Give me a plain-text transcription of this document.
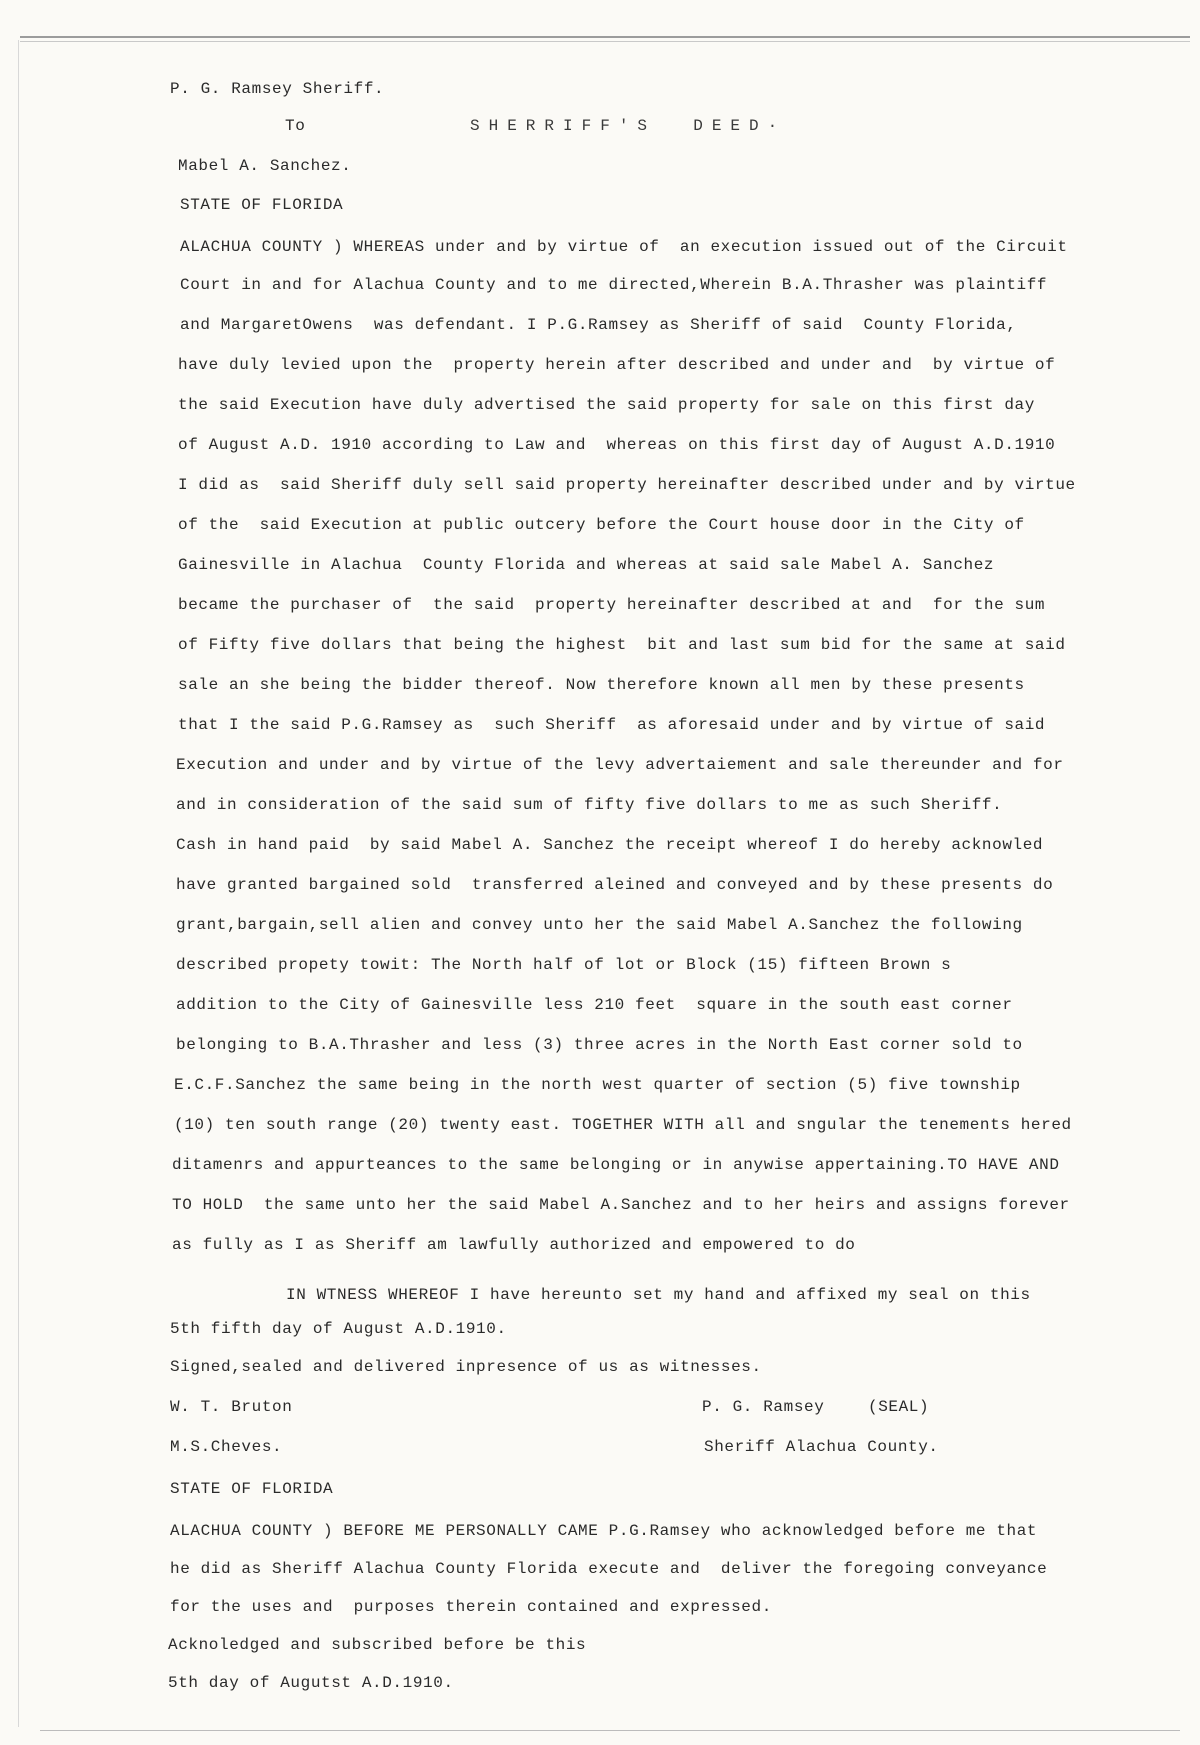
P. G. Ramsey Sheriff.
To	SHERRIFF'S  DEED·
Mabel A. Sanchez.
STATE OF FLORIDA
ALACHUA COUNTY ) WHEREAS under and by virtue of  an execution issued out of the Circuit
Court in and for Alachua County and to me directed,Wherein B.A.Thrasher was plaintiff
and MargaretOwens  was defendant. I P.G.Ramsey as Sheriff of said  County Florida,
have duly levied upon the  property herein after described and under and  by virtue of
the said Execution have duly advertised the said property for sale on this first day
of August A.D. 1910 according to Law and  whereas on this first day of August A.D.1910
I did as  said Sheriff duly sell said property hereinafter described under and by virtue
of the  said Execution at public outcery before the Court house door in the City of
Gainesville in Alachua  County Florida and whereas at said sale Mabel A. Sanchez
became the purchaser of  the said  property hereinafter described at and  for the sum
of Fifty five dollars that being the highest  bit and last sum bid for the same at said
sale an she being the bidder thereof. Now therefore known all men by these presents
that I the said P.G.Ramsey as  such Sheriff  as aforesaid under and by virtue of said
Execution and under and by virtue of the levy advertaiement and sale thereunder and for
and in consideration of the said sum of fifty five dollars to me as such Sheriff.
Cash in hand paid  by said Mabel A. Sanchez the receipt whereof I do hereby acknowled
have granted bargained sold  transferred aleined and conveyed and by these presents do
grant,bargain,sell alien and convey unto her the said Mabel A.Sanchez the following
described propety towit: The North half of lot or Block (15) fifteen Brown s
addition to the City of Gainesville less 210 feet  square in the south east corner
belonging to B.A.Thrasher and less (3) three acres in the North East corner sold to
E.C.F.Sanchez the same being in the north west quarter of section (5) five township
(10) ten south range (20) twenty east. TOGETHER WITH all and sngular the tenements hered
ditamenrs and appurteances to the same belonging or in anywise appertaining.TO HAVE AND
TO HOLD  the same unto her the said Mabel A.Sanchez and to her heirs and assigns forever
as fully as I as Sheriff am lawfully authorized and empowered to do
IN WTNESS WHEREOF I have hereunto set my hand and affixed my seal on this
5th fifth day of August A.D.1910.
Signed,sealed and delivered inpresence of us as witnesses.
W. T. Bruton	P. G. Ramsey	(SEAL)
M.S.Cheves.	Sheriff Alachua County.
STATE OF FLORIDA
ALACHUA COUNTY ) BEFORE ME PERSONALLY CAME P.G.Ramsey who acknowledged before me that
he did as Sheriff Alachua County Florida execute and  deliver the foregoing conveyance
for the uses and  purposes therein contained and expressed.
Acknoledged and subscribed before be this
5th day of Augutst A.D.1910.
